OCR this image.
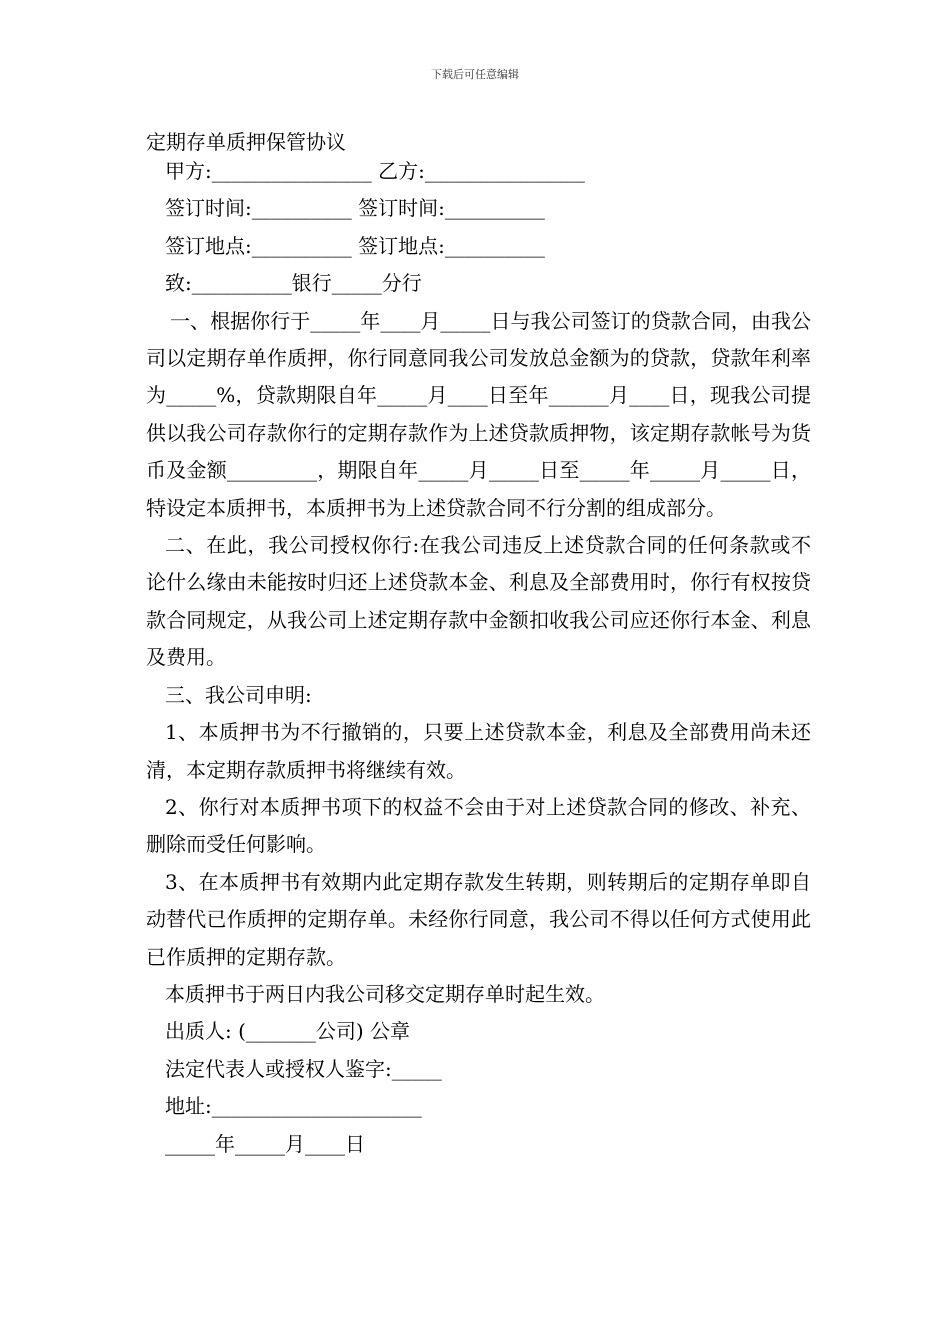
下载后可任意编辑
定期存单质押保管协议
甲方:________________ 乙方:________________
签订时间:__________ 签订时间:__________
签订地点:__________ 签订地点:__________
致:__________银行_____分行
一、根据你行于_____年____月_____日与我公司签订的贷款合同，由我公司以定期存单作质押，你行同意同我公司发放总金额为的贷款，贷款年利率为_____%，贷款期限自年_____月____日至年______月____日，现我公司提供以我公司存款你行的定期存款作为上述贷款质押物，该定期存款帐号为货币及金额_________，期限自年_____月_____日至_____年_____月_____日，特设定本质押书，本质押书为上述贷款合同不行分割的组成部分。
二、在此，我公司授权你行:在我公司违反上述贷款合同的任何条款或不论什么缘由未能按时归还上述贷款本金、利息及全部费用时，你行有权按贷款合同规定，从我公司上述定期存款中金额扣收我公司应还你行本金、利息及费用。
三、我公司申明:
1、本质押书为不行撤销的，只要上述贷款本金，利息及全部费用尚未还清，本定期存款质押书将继续有效。
2、你行对本质押书项下的权益不会由于对上述贷款合同的修改、补充、删除而受任何影响。
3、在本质押书有效期内此定期存款发生转期，则转期后的定期存单即自动替代已作质押的定期存单。未经你行同意，我公司不得以任何方式使用此已作质押的定期存款。
本质押书于两日内我公司移交定期存单时起生效。
出质人: (_______公司) 公章
法定代表人或授权人鉴字:_____
地址:_____________________
_____年_____月____日
